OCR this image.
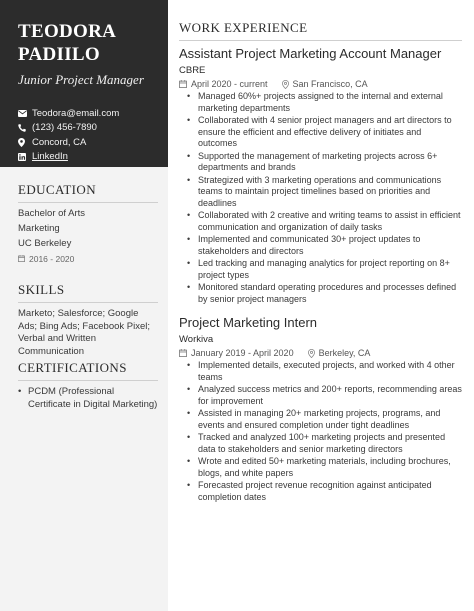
TEODORA
PADIILO
Junior Project Manager
Teodora@email.com
(123) 456-7890
Concord, CA
LinkedIn
EDUCATION
Bachelor of Arts
Marketing
UC Berkeley
2016 - 2020
SKILLS
Marketo; Salesforce; Google Ads; Bing Ads; Facebook Pixel; Verbal and Written Communication
CERTIFICATIONS
• PCDM (Professional Certificate in Digital Marketing)
WORK EXPERIENCE
Assistant Project Marketing Account Manager
CBRE
April 2020 - current	San Francisco, CA
• Managed 60%+ projects assigned to the internal and external marketing departments
• Collaborated with 4 senior project managers and art directors to ensure the efficient and effective delivery of initiates and outcomes
• Supported the management of marketing projects across 6+ departments and brands
• Strategized with 3 marketing operations and communications teams to maintain project timelines based on priorities and deadlines
• Collaborated with 2 creative and writing teams to assist in efficient communication and organization of daily tasks
• Implemented and communicated 30+ project updates to stakeholders and directors
• Led tracking and managing analytics for project reporting on 8+ project types
• Monitored standard operating procedures and processes defined by senior project managers
Project Marketing Intern
Workiva
January 2019 - April 2020	Berkeley, CA
• Implemented details, executed projects, and worked with 4 other teams
• Analyzed success metrics and 200+ reports, recommending areas for improvement
• Assisted in managing 20+ marketing projects, programs, and events and ensured completion under tight deadlines
• Tracked and analyzed 100+ marketing projects and presented data to stakeholders and senior marketing directors
• Wrote and edited 50+ marketing materials, including brochures, blogs, and white papers
• Forecasted project revenue recognition against anticipated completion dates
